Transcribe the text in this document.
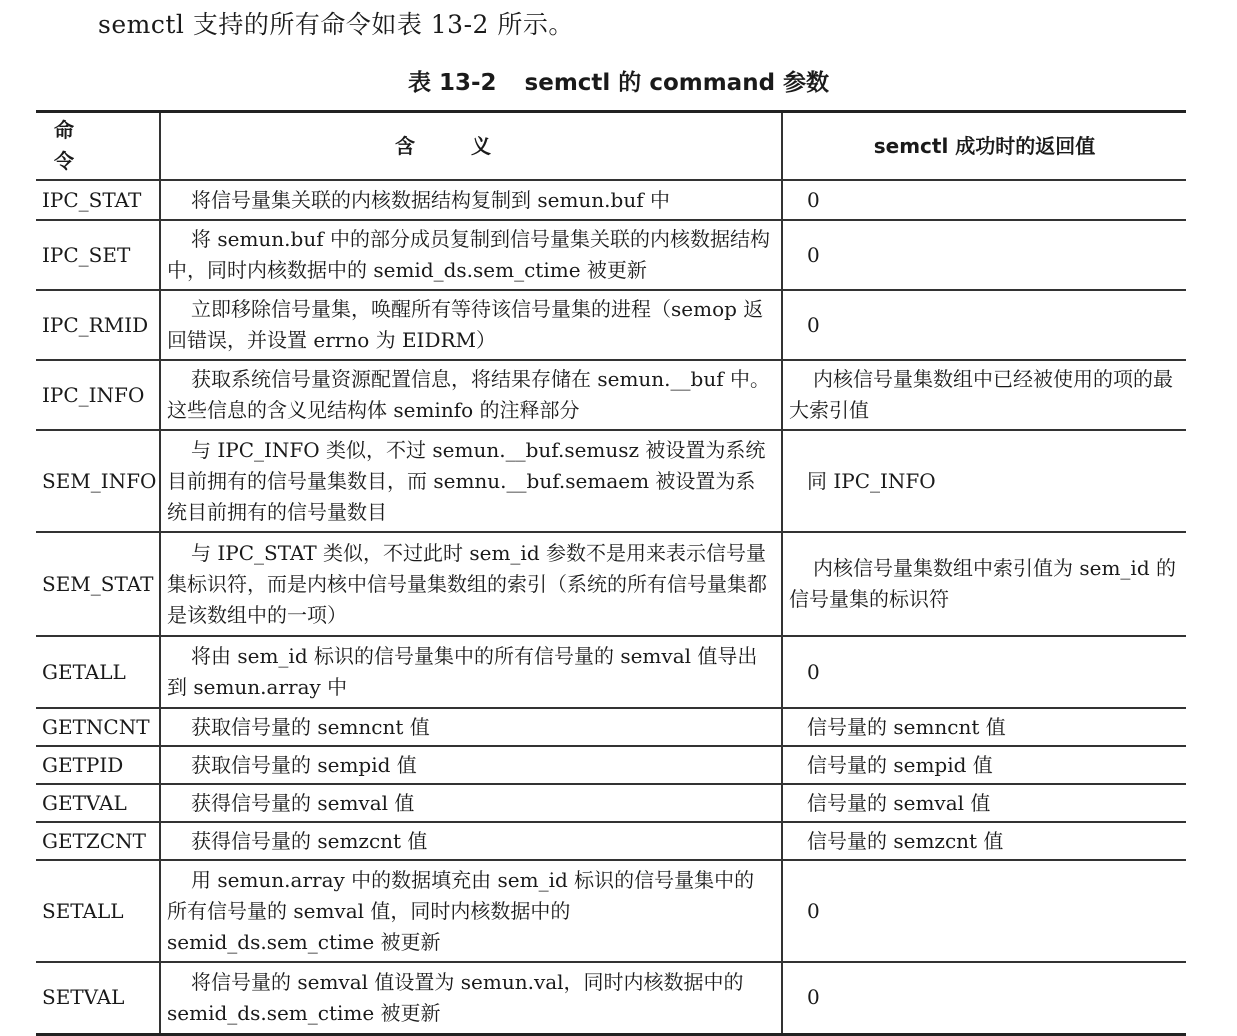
semctl 支持的所有命令如表 13-2 所示。
表 13-2 semctl 的 command 参数
命令	含义	semctl 成功时的返回值
IPC_STAT	将信号量集关联的内核数据结构复制到 semun.buf 中	0
IPC_SET	将 semun.buf 中的部分成员复制到信号量集关联的内核数据结构中，同时内核数据中的 semid_ds.sem_ctime 被更新	0
IPC_RMID	立即移除信号量集，唤醒所有等待该信号量集的进程（semop 返回错误，并设置 errno 为 EIDRM）	0
IPC_INFO	获取系统信号量资源配置信息，将结果存储在 semun.__buf 中。这些信息的含义见结构体 seminfo 的注释部分	内核信号量集数组中已经被使用的项的最大索引值
SEM_INFO	与 IPC_INFO 类似，不过 semun.__buf.semusz 被设置为系统目前拥有的信号量集数目，而 semnu.__buf.semaem 被设置为系统目前拥有的信号量数目	同 IPC_INFO
SEM_STAT	与 IPC_STAT 类似，不过此时 sem_id 参数不是用来表示信号量集标识符，而是内核中信号量集数组的索引（系统的所有信号量集都是该数组中的一项）	内核信号量集数组中索引值为 sem_id 的信号量集的标识符
GETALL	将由 sem_id 标识的信号量集中的所有信号量的 semval 值导出到 semun.array 中	0
GETNCNT	获取信号量的 semncnt 值	信号量的 semncnt 值
GETPID	获取信号量的 sempid 值	信号量的 sempid 值
GETVAL	获得信号量的 semval 值	信号量的 semval 值
GETZCNT	获得信号量的 semzcnt 值	信号量的 semzcnt 值
SETALL	用 semun.array 中的数据填充由 sem_id 标识的信号量集中的所有信号量的 semval 值，同时内核数据中的 semid_ds.sem_ctime 被更新	0
SETVAL	将信号量的 semval 值设置为 semun.val，同时内核数据中的 semid_ds.sem_ctime 被更新	0
